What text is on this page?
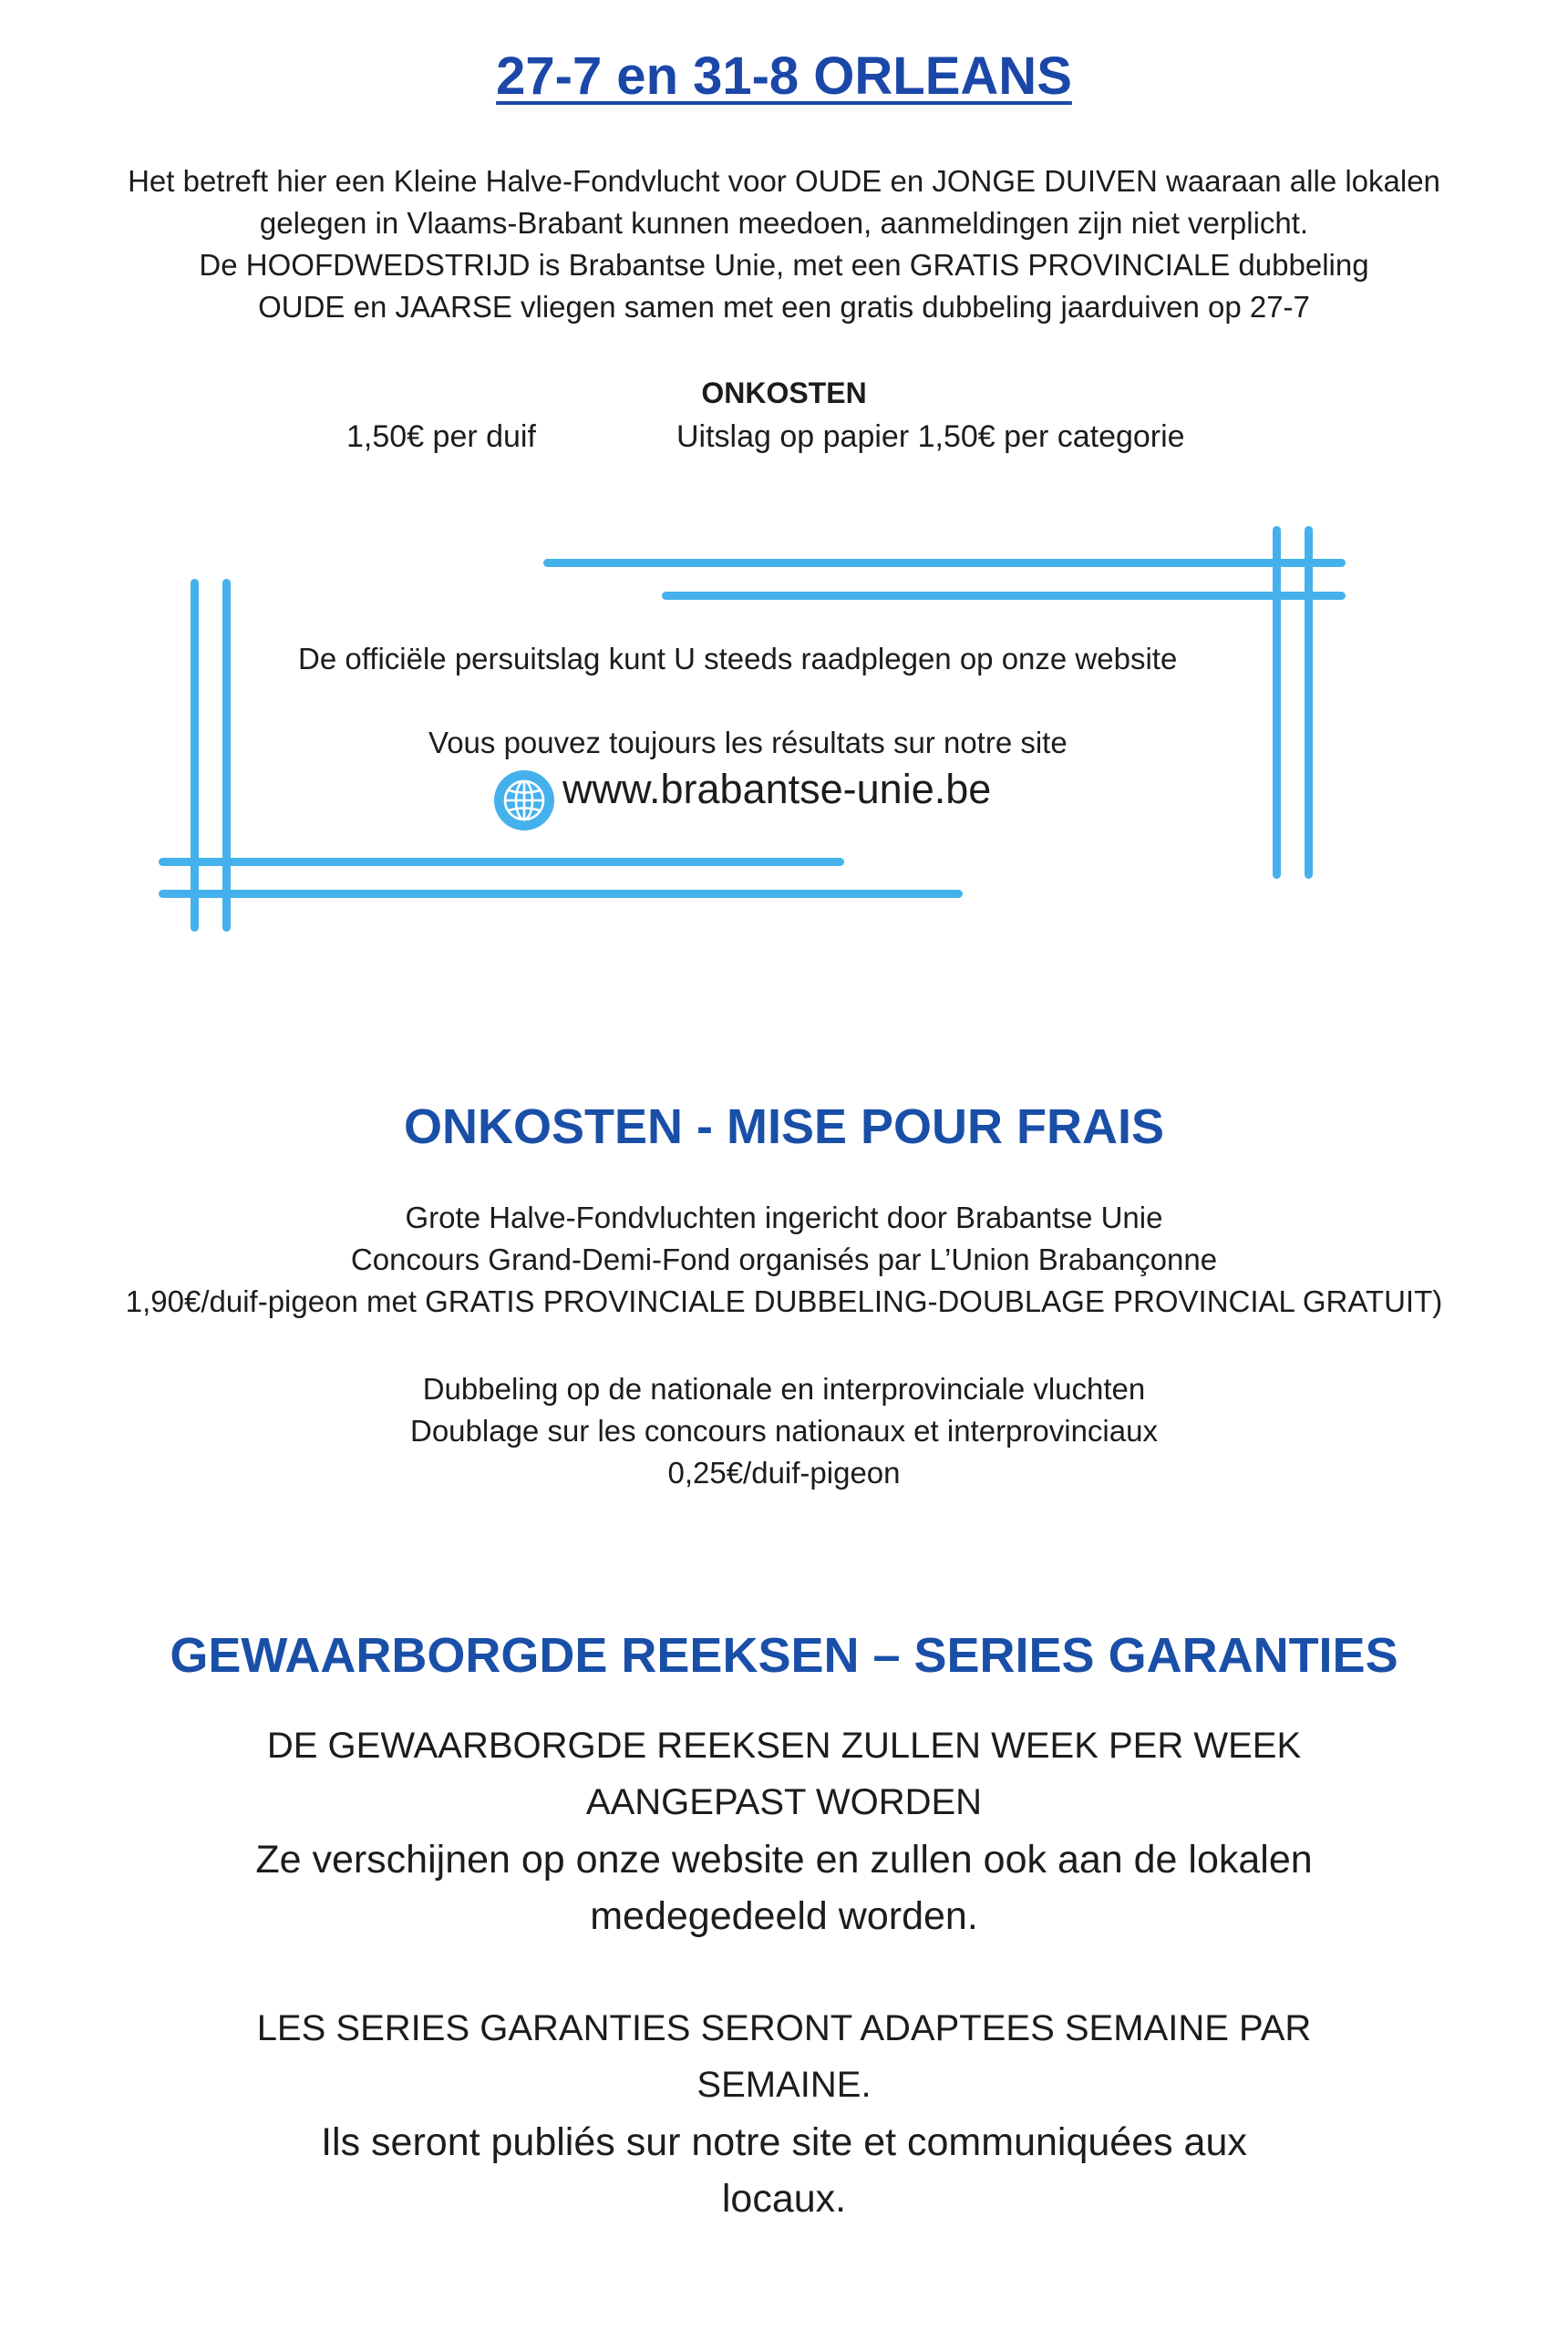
27-7 en 31-8 ORLEANS
Het betreft hier een Kleine Halve-Fondvlucht voor OUDE en JONGE DUIVEN waaraan alle lokalen
gelegen in Vlaams-Brabant kunnen meedoen, aanmeldingen zijn niet verplicht.
De HOOFDWEDSTRIJD is Brabantse Unie, met een GRATIS PROVINCIALE dubbeling
OUDE en JAARSE vliegen samen met een gratis dubbeling jaarduiven op 27-7
ONKOSTEN
1,50€ per duif	Uitslag op papier 1,50€ per categorie
De officiële persuitslag kunt U steeds raadplegen op onze website
Vous pouvez toujours les résultats sur notre site
www.brabantse-unie.be
ONKOSTEN - MISE POUR FRAIS
Grote Halve-Fondvluchten ingericht door Brabantse Unie
Concours Grand-Demi-Fond organisés par L’Union Brabançonne
1,90€/duif-pigeon met GRATIS PROVINCIALE DUBBELING-DOUBLAGE PROVINCIAL GRATUIT)
Dubbeling op de nationale en interprovinciale vluchten
Doublage sur les concours nationaux et interprovinciaux
0,25€/duif-pigeon
GEWAARBORGDE REEKSEN – SERIES GARANTIES
DE GEWAARBORGDE REEKSEN ZULLEN WEEK PER WEEK
AANGEPAST WORDEN
Ze verschijnen op onze website en zullen ook aan de lokalen
medegedeeld worden.
LES SERIES GARANTIES SERONT ADAPTEES SEMAINE PAR
SEMAINE.
Ils seront publiés sur notre site et communiquées aux
locaux.
